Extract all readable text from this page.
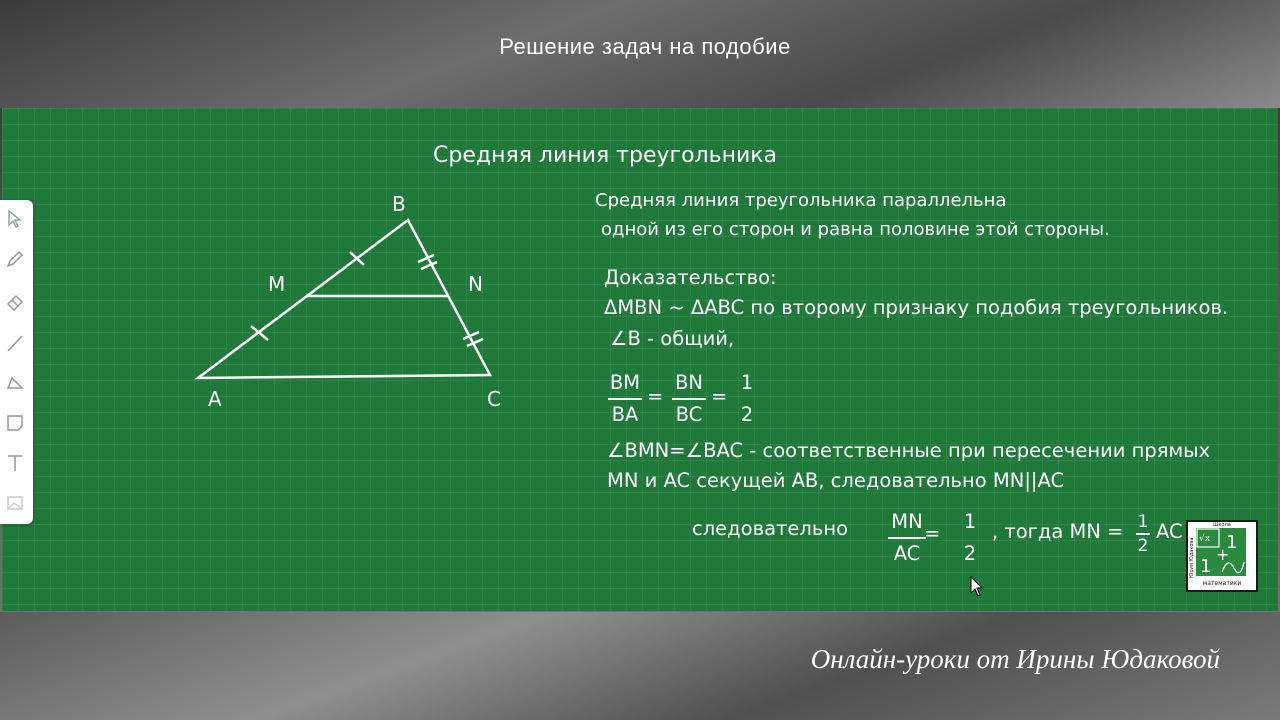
Решение задач на подобие
B
M	N
A	C
Средняя линия треугольника
Средняя линия треугольника параллельна
одной из его сторон и равна половине этой стороны.
Доказательство:
ΔMBN ~ ΔABC по второму признаку подобия треугольников.
∠B - общий,
BM
BA
=
BN
BC
=
1
2
∠BMN=∠BAC - соответственные при пересечении прямых
MN и AC секущей AB, следовательно MN||AC
следовательно MN
AC
=
1
2
, тогда MN = 1
2
AC	Школа
Юрия Юдакова √x 1
1
+
математики
Онлайн-уроки от Ирины Юдаковой
